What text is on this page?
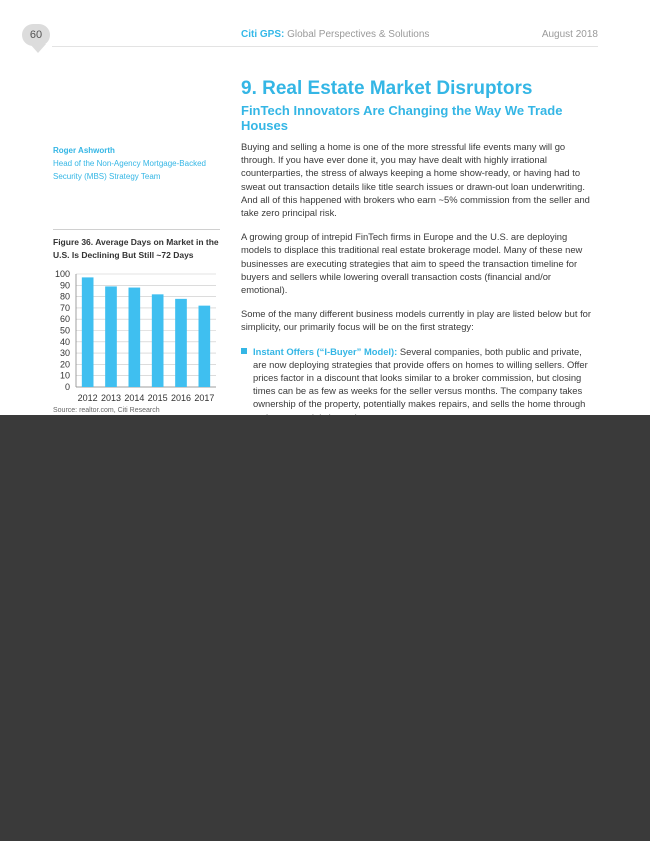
60	Citi GPS: Global Perspectives & Solutions	August 2018
9. Real Estate Market Disruptors
FinTech Innovators Are Changing the Way We Trade Houses
Roger Ashworth
Head of the Non-Agency Mortgage-Backed Security (MBS) Strategy Team
Figure 36. Average Days on Market in the U.S. Is Declining But Still ~72 Days
0
10
20
30
40
50
60
70
80
90
100
2012 2013 2014 2015 2016 2017
Source: realtor.com, Citi Research

Buying and selling a home is one of the more stressful life events many will go through. If you have ever done it, you may have dealt with highly irrational counterparties, the stress of always keeping a home show-ready, or having had to sweat out transaction details like title search issues or drawn-out loan underwriting. And all of this happened with brokers who earn ~5% commission from the seller and take zero principal risk.

A growing group of intrepid FinTech firms in Europe and the U.S. are deploying models to displace this traditional real estate brokerage model. Many of these new businesses are executing strategies that aim to speed the transaction timeline for buyers and sellers while lowering overall transaction costs (financial and/or emotional).

Some of the many different business models currently in play are listed below but for simplicity, our primarily focus will be on the first strategy:

Instant Offers (“I-Buyer” Model): Several companies, both public and private, are now deploying strategies that provide offers on homes to willing sellers. Offer prices factor in a discount that looks similar to a broker commission, but closing times can be as few as weeks for the seller versus months. The company takes ownership of the property, potentially makes repairs, and sells the home through
